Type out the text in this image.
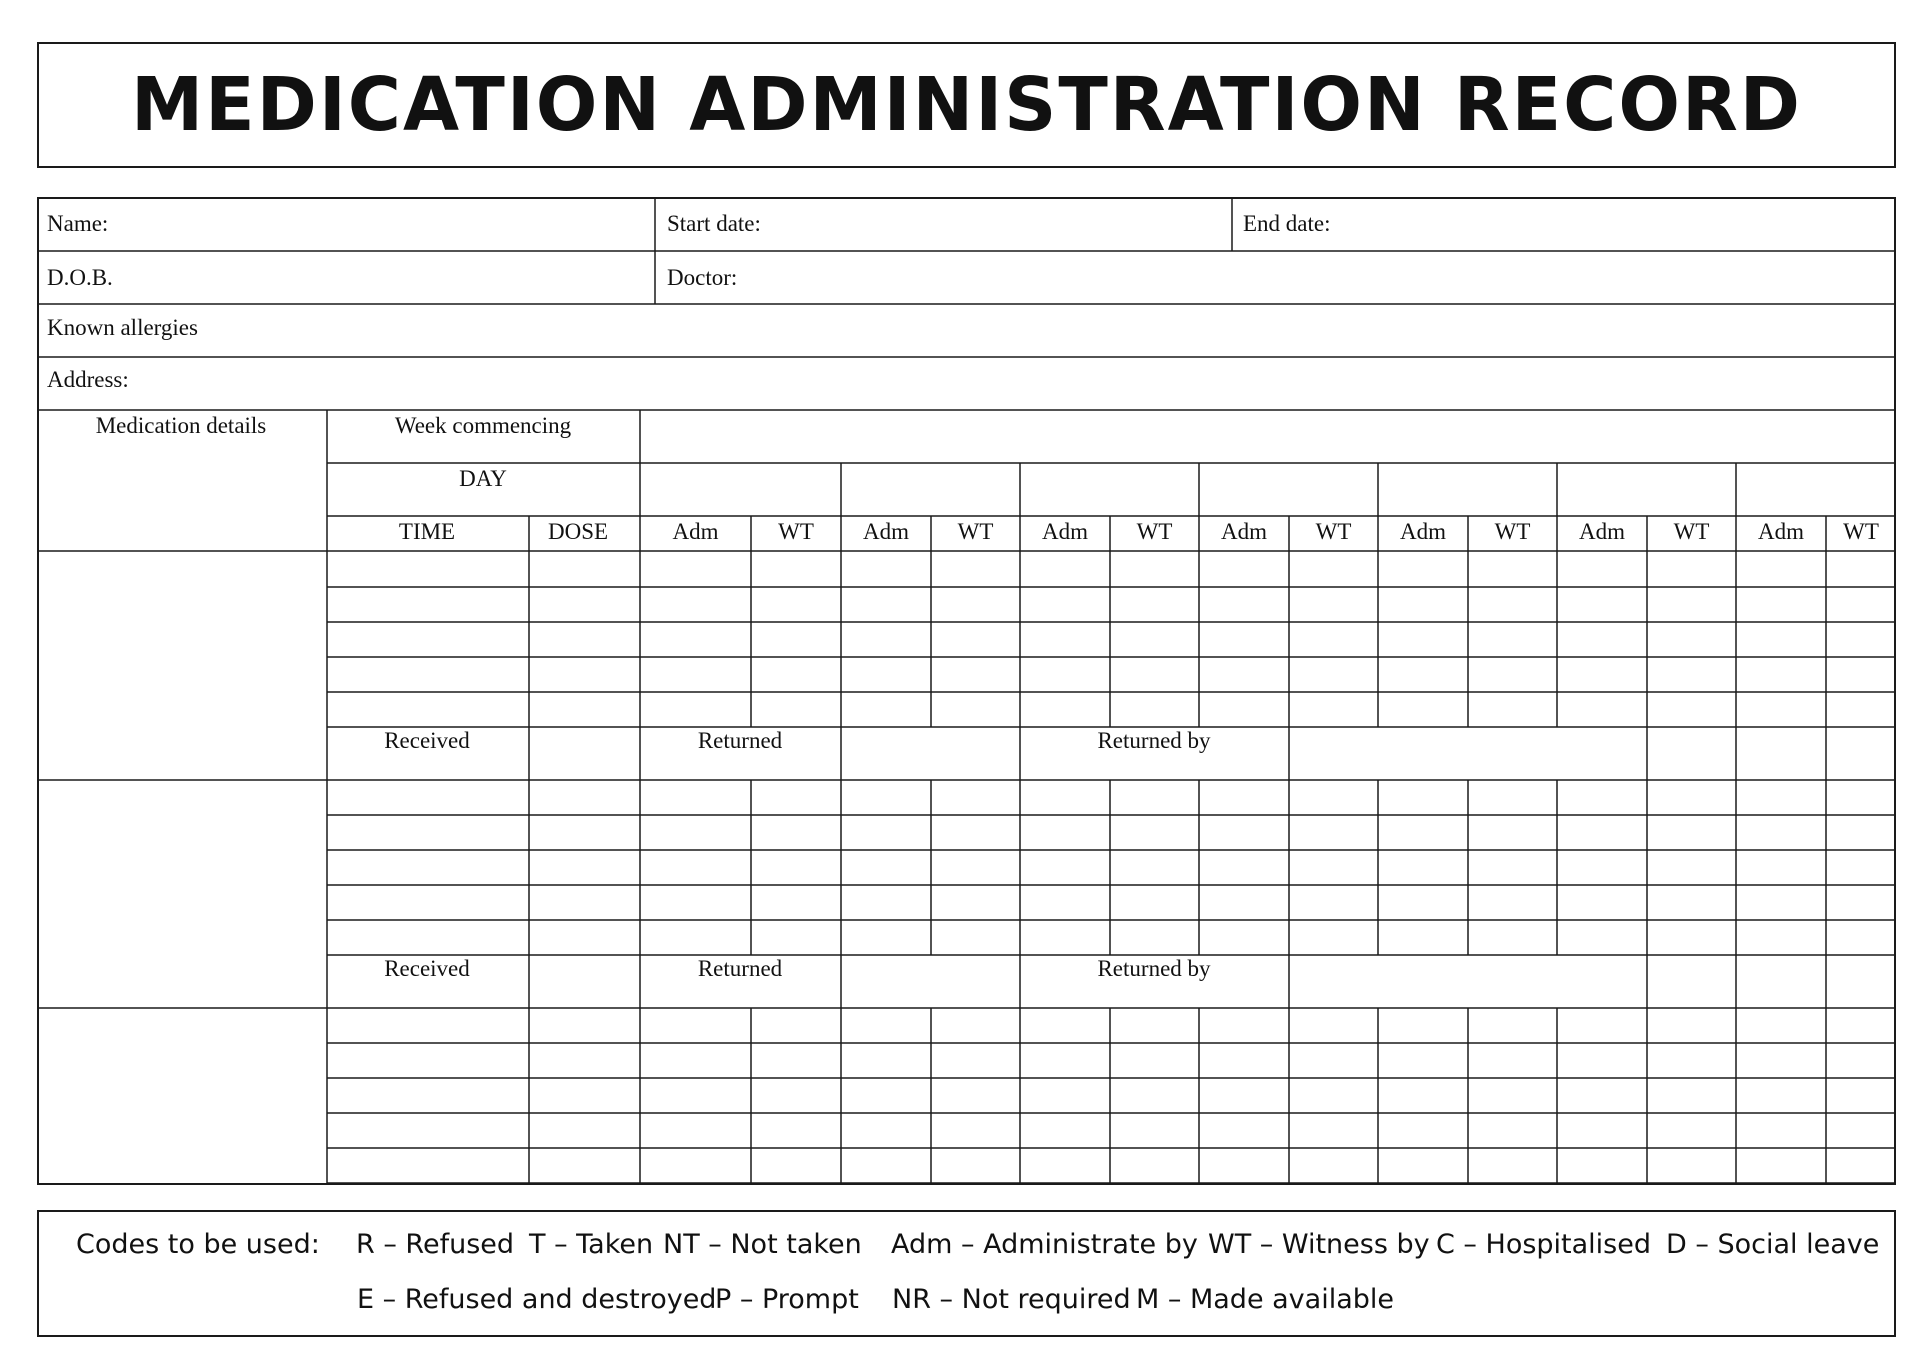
MEDICATION ADMINISTRATION RECORD
Name:	Start date:	End date:
D.O.B.	Doctor:
Known allergies
Address:
Medication details	Week commencing
DAY
TIME	DOSE	Adm	WT Adm WT Adm WT Adm WT Adm WT Adm WT Adm WT
Received	Returned	Returned by
Received	Returned	Returned by
Codes to be used: R – Refused T – Taken NT – Not taken Adm – Administrate by WT – Witness by C – Hospitalised D – Social leave
E – Refused and destroyed
P – Prompt NR – Not required M – Made available
